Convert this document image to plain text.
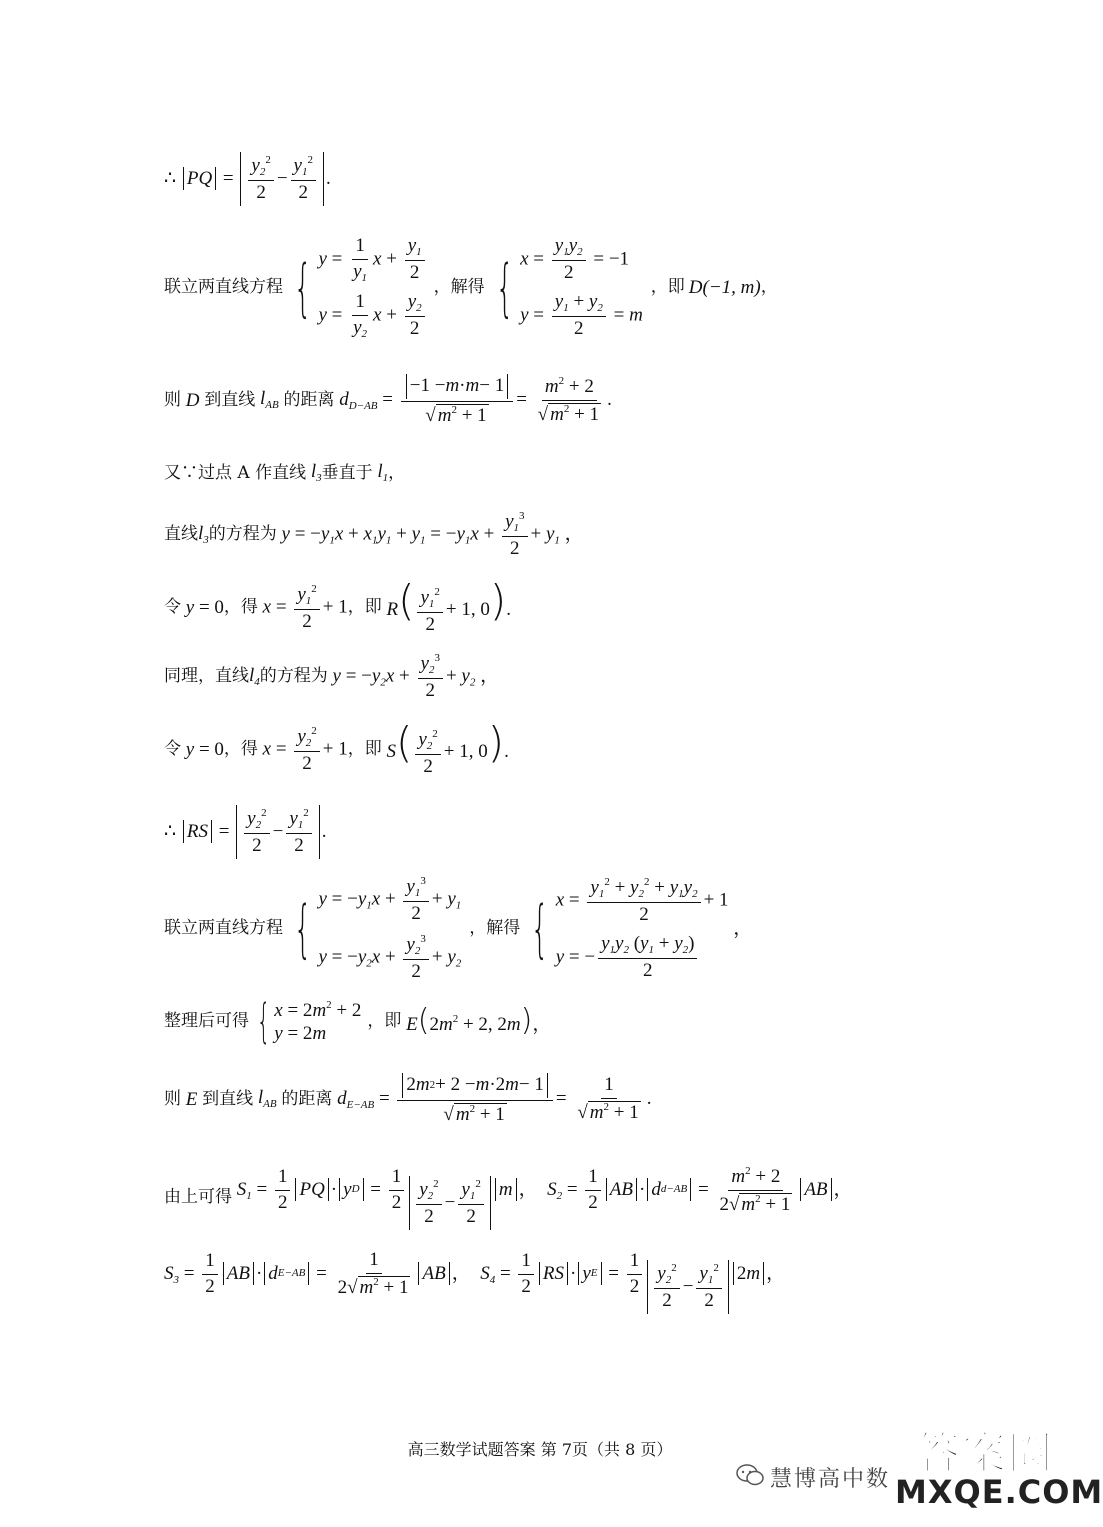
∴
PQ = $\frac{y_2^2}{2} - \frac{y_1^2}{2}$ .
联立两直线方程 { $y = \frac{1}{y_1}$ $x + \frac{y_1}{2}$
$y = \frac{1}{y_2}$ $x + \frac{y_2}{2}$
，解得 { $x = \frac{y_1y_2}{2} = -1$
$y = \frac{y_1 + y_2}{2} = m$
，即 D(−1, m) ，
则 D 到直线 $l_{AB}$ 的距离 $d_{D-AB} = -1 - m \cdot m - 1$
√ $m^2 + 1 = m^2 + 2$
√ $m^2 + 1$ .
又∵过点 A 作直线 $l_3$ 垂直于 $l_1$ ，
直线 $l_3$ 的方程为 $y = -y_1x + x_1y_1 + y_1 = -y_1x + \frac{y_1^3}{2} + y_1$ ，
令 y = 0 ，得 $x = \frac{y_1^2}{2} + 1$ ，即 $R( \frac{y_1^2}{2} + 1$, 0).
同理，直线 $l_4$ 的方程为 $y = -y_2x + \frac{y_2^3}{2} + y_2$ ，
令 y = 0 ，得 $x = \frac{y_2^2}{2} + 1$ ，即 $S( \frac{y_2^2}{2} + 1$, 0).
∴
RS = $\frac{y_2^2}{2} - \frac{y_1^2}{2}$ .
联立两直线方程 { $y = -y_1x + \frac{y_1^3}{2} + y_1$
$y = -y_2x + \frac{y_2^3}{2} + y_2$
，解得 { $x = \frac{y_1^2 + y_2^2 + y_1y_2}{2} + 1$
y = − $\frac{y_1y_2 (y_1 + y_2)}{2}$
，
整理后可得 { $x = 2m^2 + 2$
y = 2m
，即 $E(2m^2 + 2$, 2m)，
则 E 到直线 $l_{AB}$ 的距离 $d_{E-AB} = 2$ m 2 + 2 − m ·2 m − 1
√ $m^2 + 1 = 1$
√ $m^2 + 1$ .
由上可得 $S_1 = \frac{1}{2}$ PQ · y $D = \frac{1}{2} \frac{y_2^2}{2} - \frac{y_1^2}{2}$ m ，  $S_2 = \frac{1}{2}$ AB · d $d-AB = \frac{m^2 + 2}{2 √ m^2 + 1}$ AB ，
$S_3 = \frac{1}{2}$ AB · d $E-AB = \frac{1}{2 √ m^2 + 1}$ AB ，  $S_4 = \frac{1}{2}$ RS · y $E = \frac{1}{2} \frac{y_2^2}{2} - \frac{y_1^2}{2} 2$ m ，
高三数学试题答案 第 7页（共 8 页）
慧博高中数
答案圈
MXQE.COM
